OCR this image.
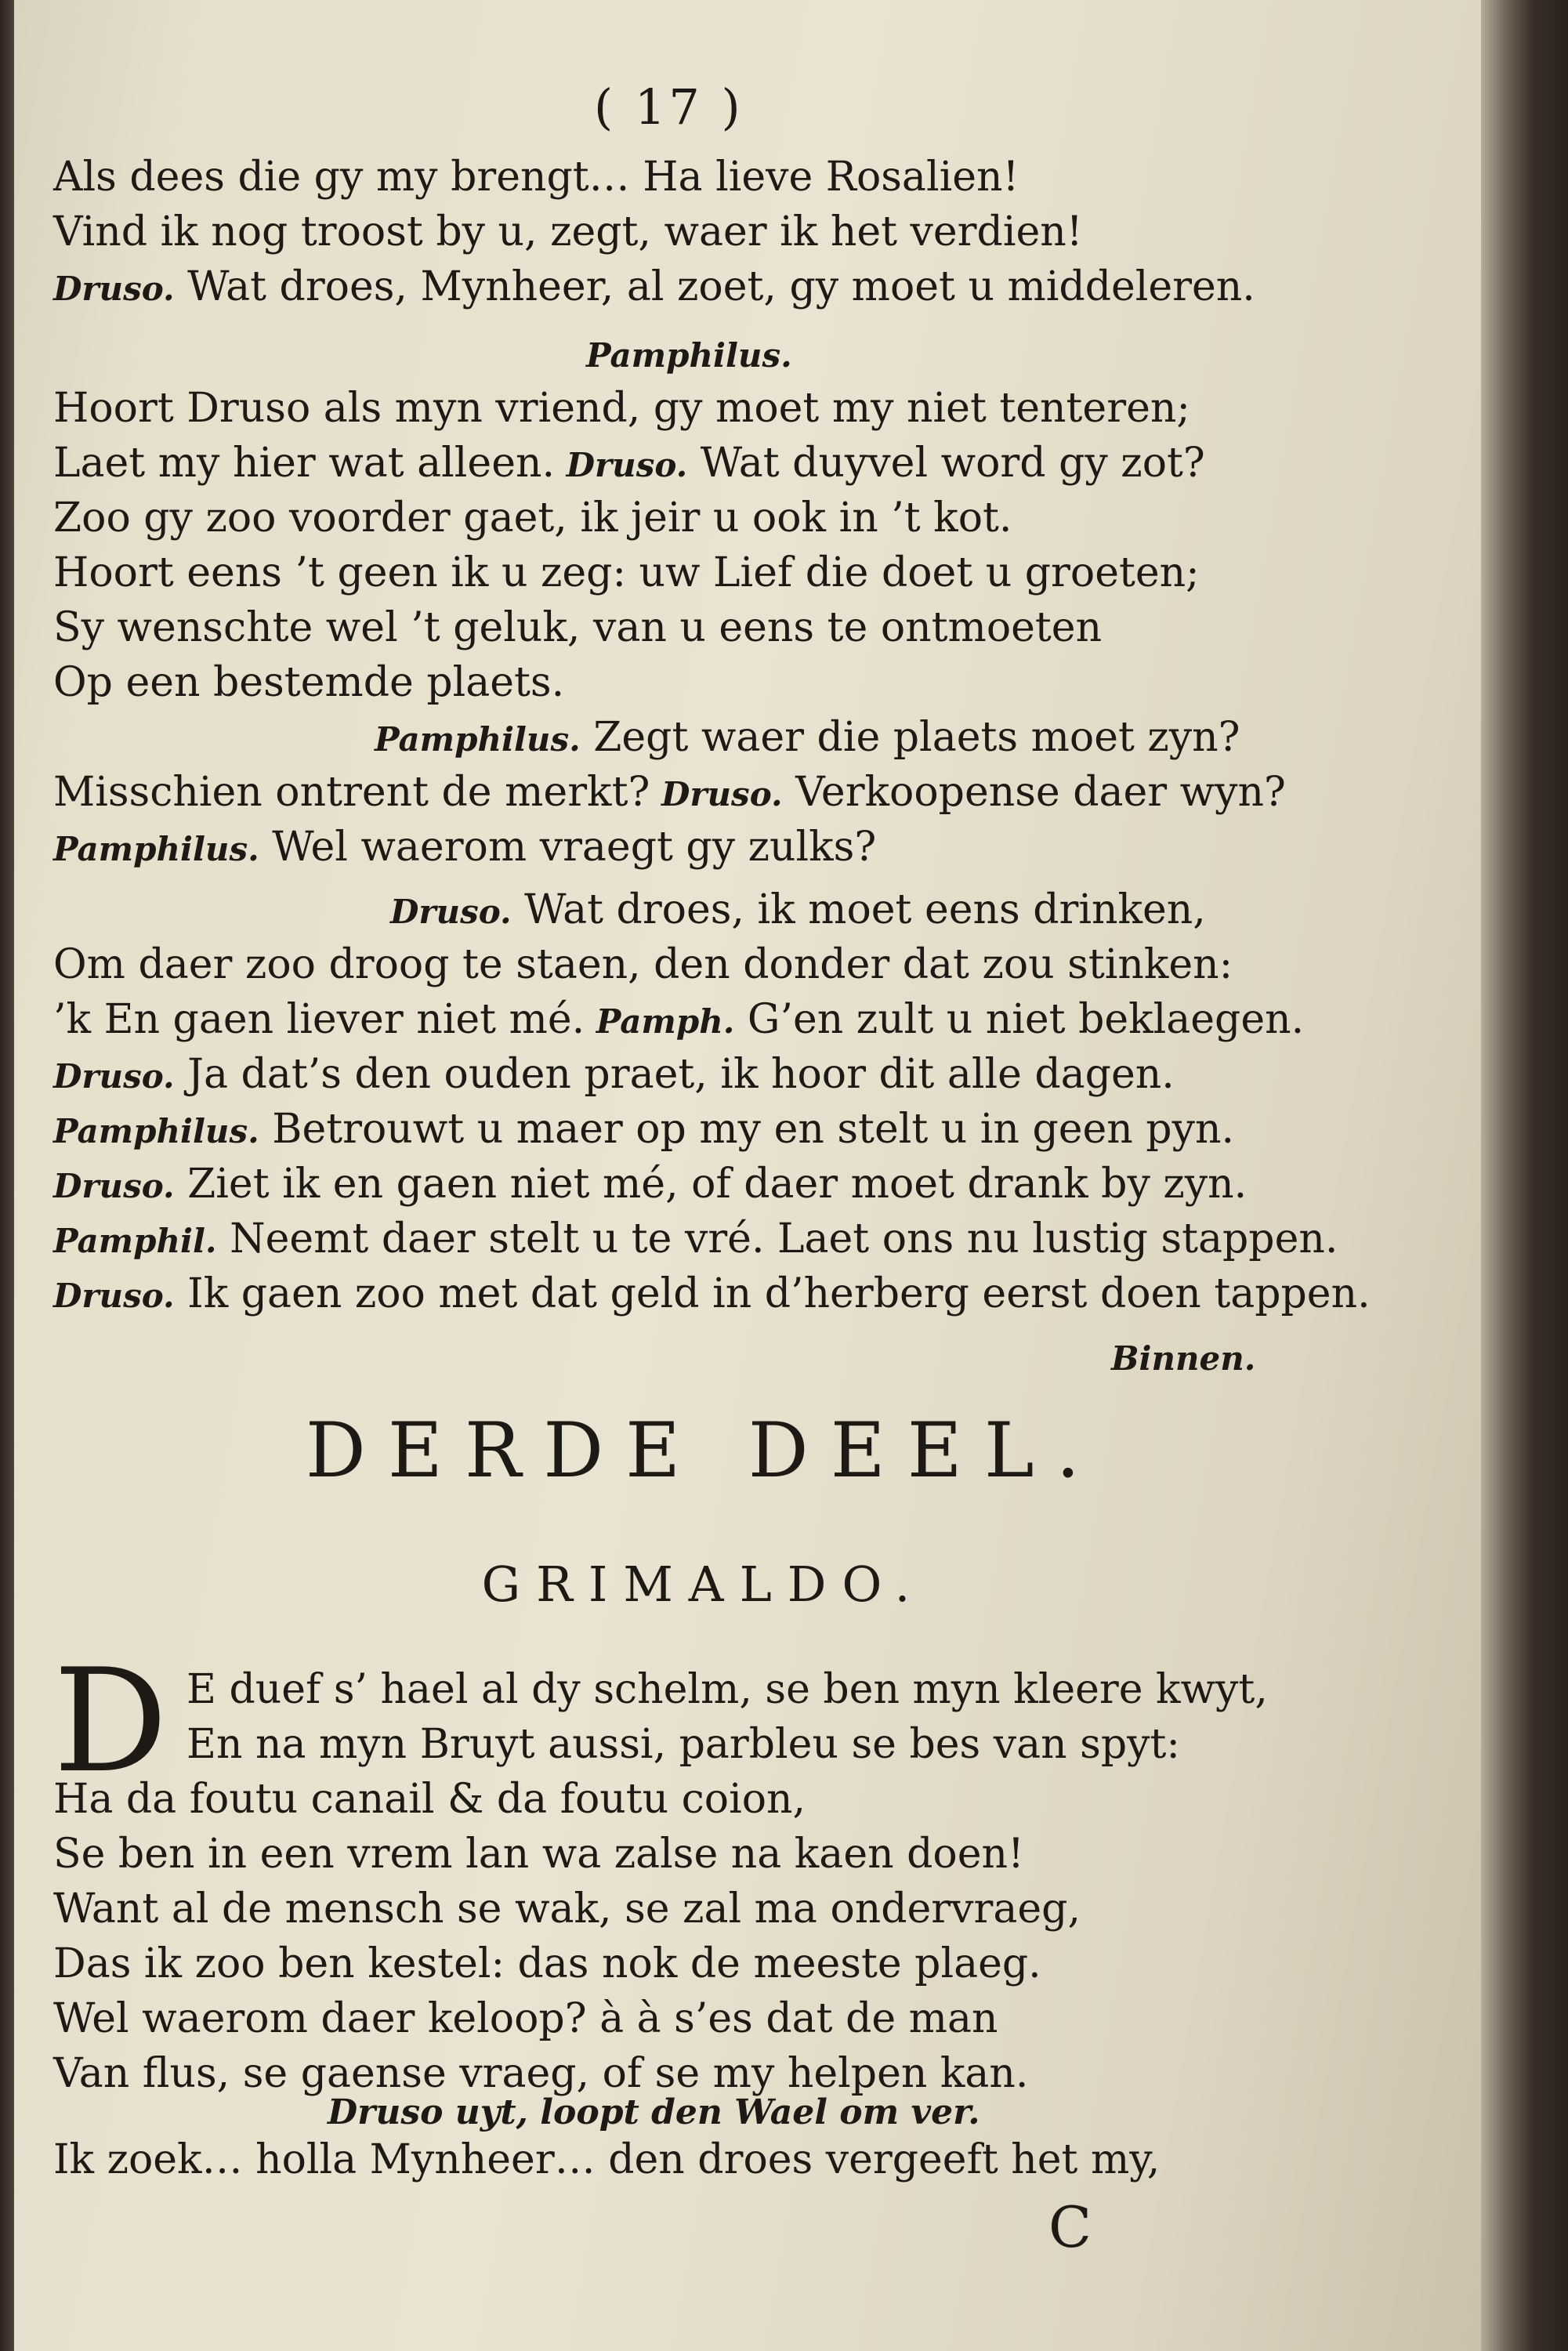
( 17 )
Als dees die gy my brengt… Ha lieve Rosalien!
Vind ik nog troost by u, zegt, waer ik het verdien!
Druso. Wat droes, Mynheer, al zoet, gy moet u middeleren.
Pamphilus.
Hoort Druso als myn vriend, gy moet my niet tenteren;
Laet my hier wat alleen. Druso. Wat duyvel word gy zot?
Zoo gy zoo voorder gaet, ik jeir u ook in ’t kot.
Hoort eens ’t geen ik u zeg: uw Lief die doet u groeten;
Sy wenschte wel ’t geluk, van u eens te ontmoeten
Op een bestemde plaets.
Pamphilus. Zegt waer die plaets moet zyn?
Misschien ontrent de merkt? Druso. Verkoopense daer wyn?
Pamphilus. Wel waerom vraegt gy zulks?
Druso. Wat droes, ik moet eens drinken,
Om daer zoo droog te staen, den donder dat zou stinken:
’k En gaen liever niet mé. Pamph. G’en zult u niet beklaegen.
Druso. Ja dat’s den ouden praet, ik hoor dit alle dagen.
Pamphilus. Betrouwt u maer op my en stelt u in geen pyn.
Druso. Ziet ik en gaen niet mé, of daer moet drank by zyn.
Pamphil. Neemt daer stelt u te vré. Laet ons nu lustig stappen.
Druso. Ik gaen zoo met dat geld in d’herberg eerst doen tappen.
Binnen.
DERDE DEEL.
GRIMALDO.
D E duef s’ hael al dy schelm, se ben myn kleere kwyt,
En na myn Bruyt aussi, parbleu se bes van spyt:
Ha da foutu canail & da foutu coion,
Se ben in een vrem lan wa zalse na kaen doen!
Want al de mensch se wak, se zal ma ondervraeg,
Das ik zoo ben kestel: das nok de meeste plaeg.
Wel waerom daer keloop? à à s’es dat de man
Van flus, se gaense vraeg, of se my helpen kan.
Druso uyt, loopt den Wael om ver.
Ik zoek… holla Mynheer… den droes vergeeft het my,
C
